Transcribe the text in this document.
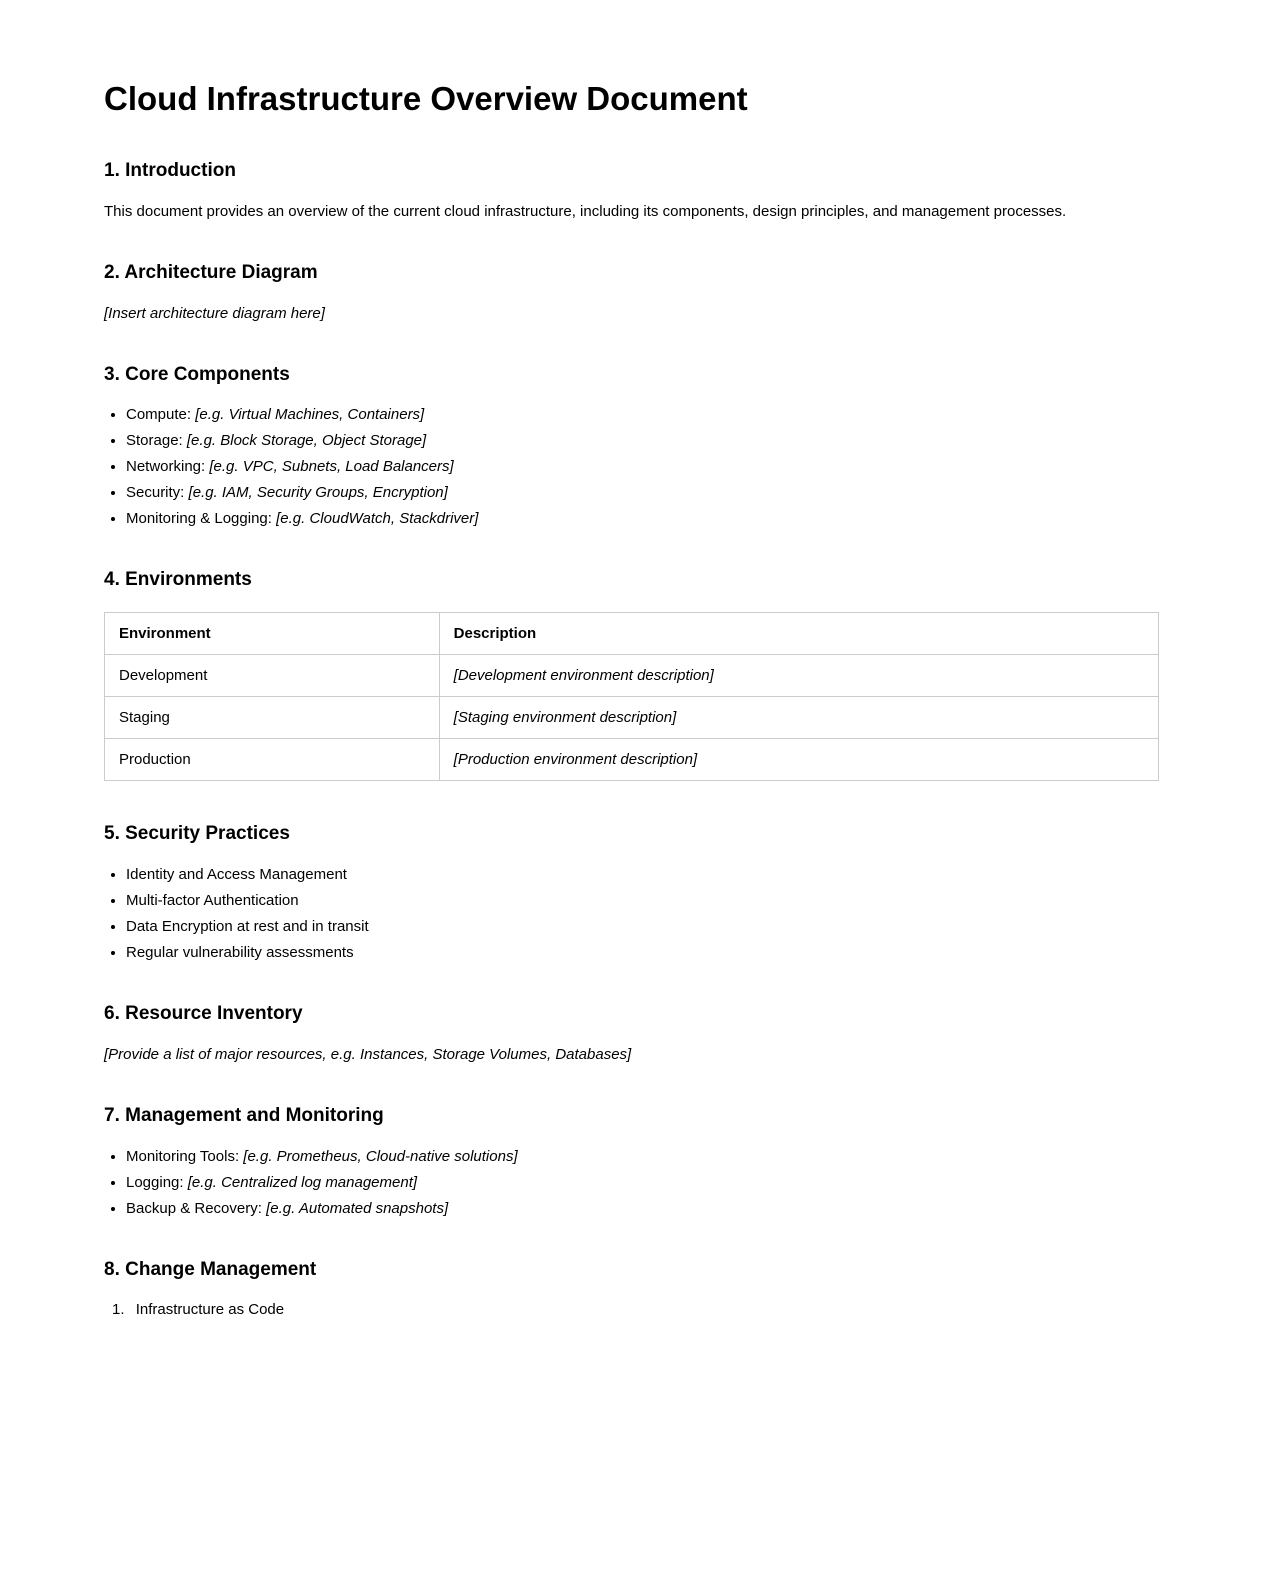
Cloud Infrastructure Overview Document
1. Introduction

This document provides an overview of the current cloud infrastructure, including its components, design principles, and management processes.

2. Architecture Diagram

[Insert architecture diagram here]

3. Core Components
• Compute: [e.g. Virtual Machines, Containers]
• Storage: [e.g. Block Storage, Object Storage]
• Networking: [e.g. VPC, Subnets, Load Balancers]
• Security: [e.g. IAM, Security Groups, Encryption]
• Monitoring & Logging: [e.g. CloudWatch, Stackdriver]
4. Environments
Environment	Description
Development	[Development environment description]
Staging	[Staging environment description]
Production	[Production environment description]
5. Security Practices
• Identity and Access Management
• Multi-factor Authentication
• Data Encryption at rest and in transit
• Regular vulnerability assessments
6. Resource Inventory

[Provide a list of major resources, e.g. Instances, Storage Volumes, Databases]

7. Management and Monitoring
• Monitoring Tools: [e.g. Prometheus, Cloud-native solutions]
• Logging: [e.g. Centralized log management]
• Backup & Recovery: [e.g. Automated snapshots]
8. Change Management
1. Infrastructure as Code
